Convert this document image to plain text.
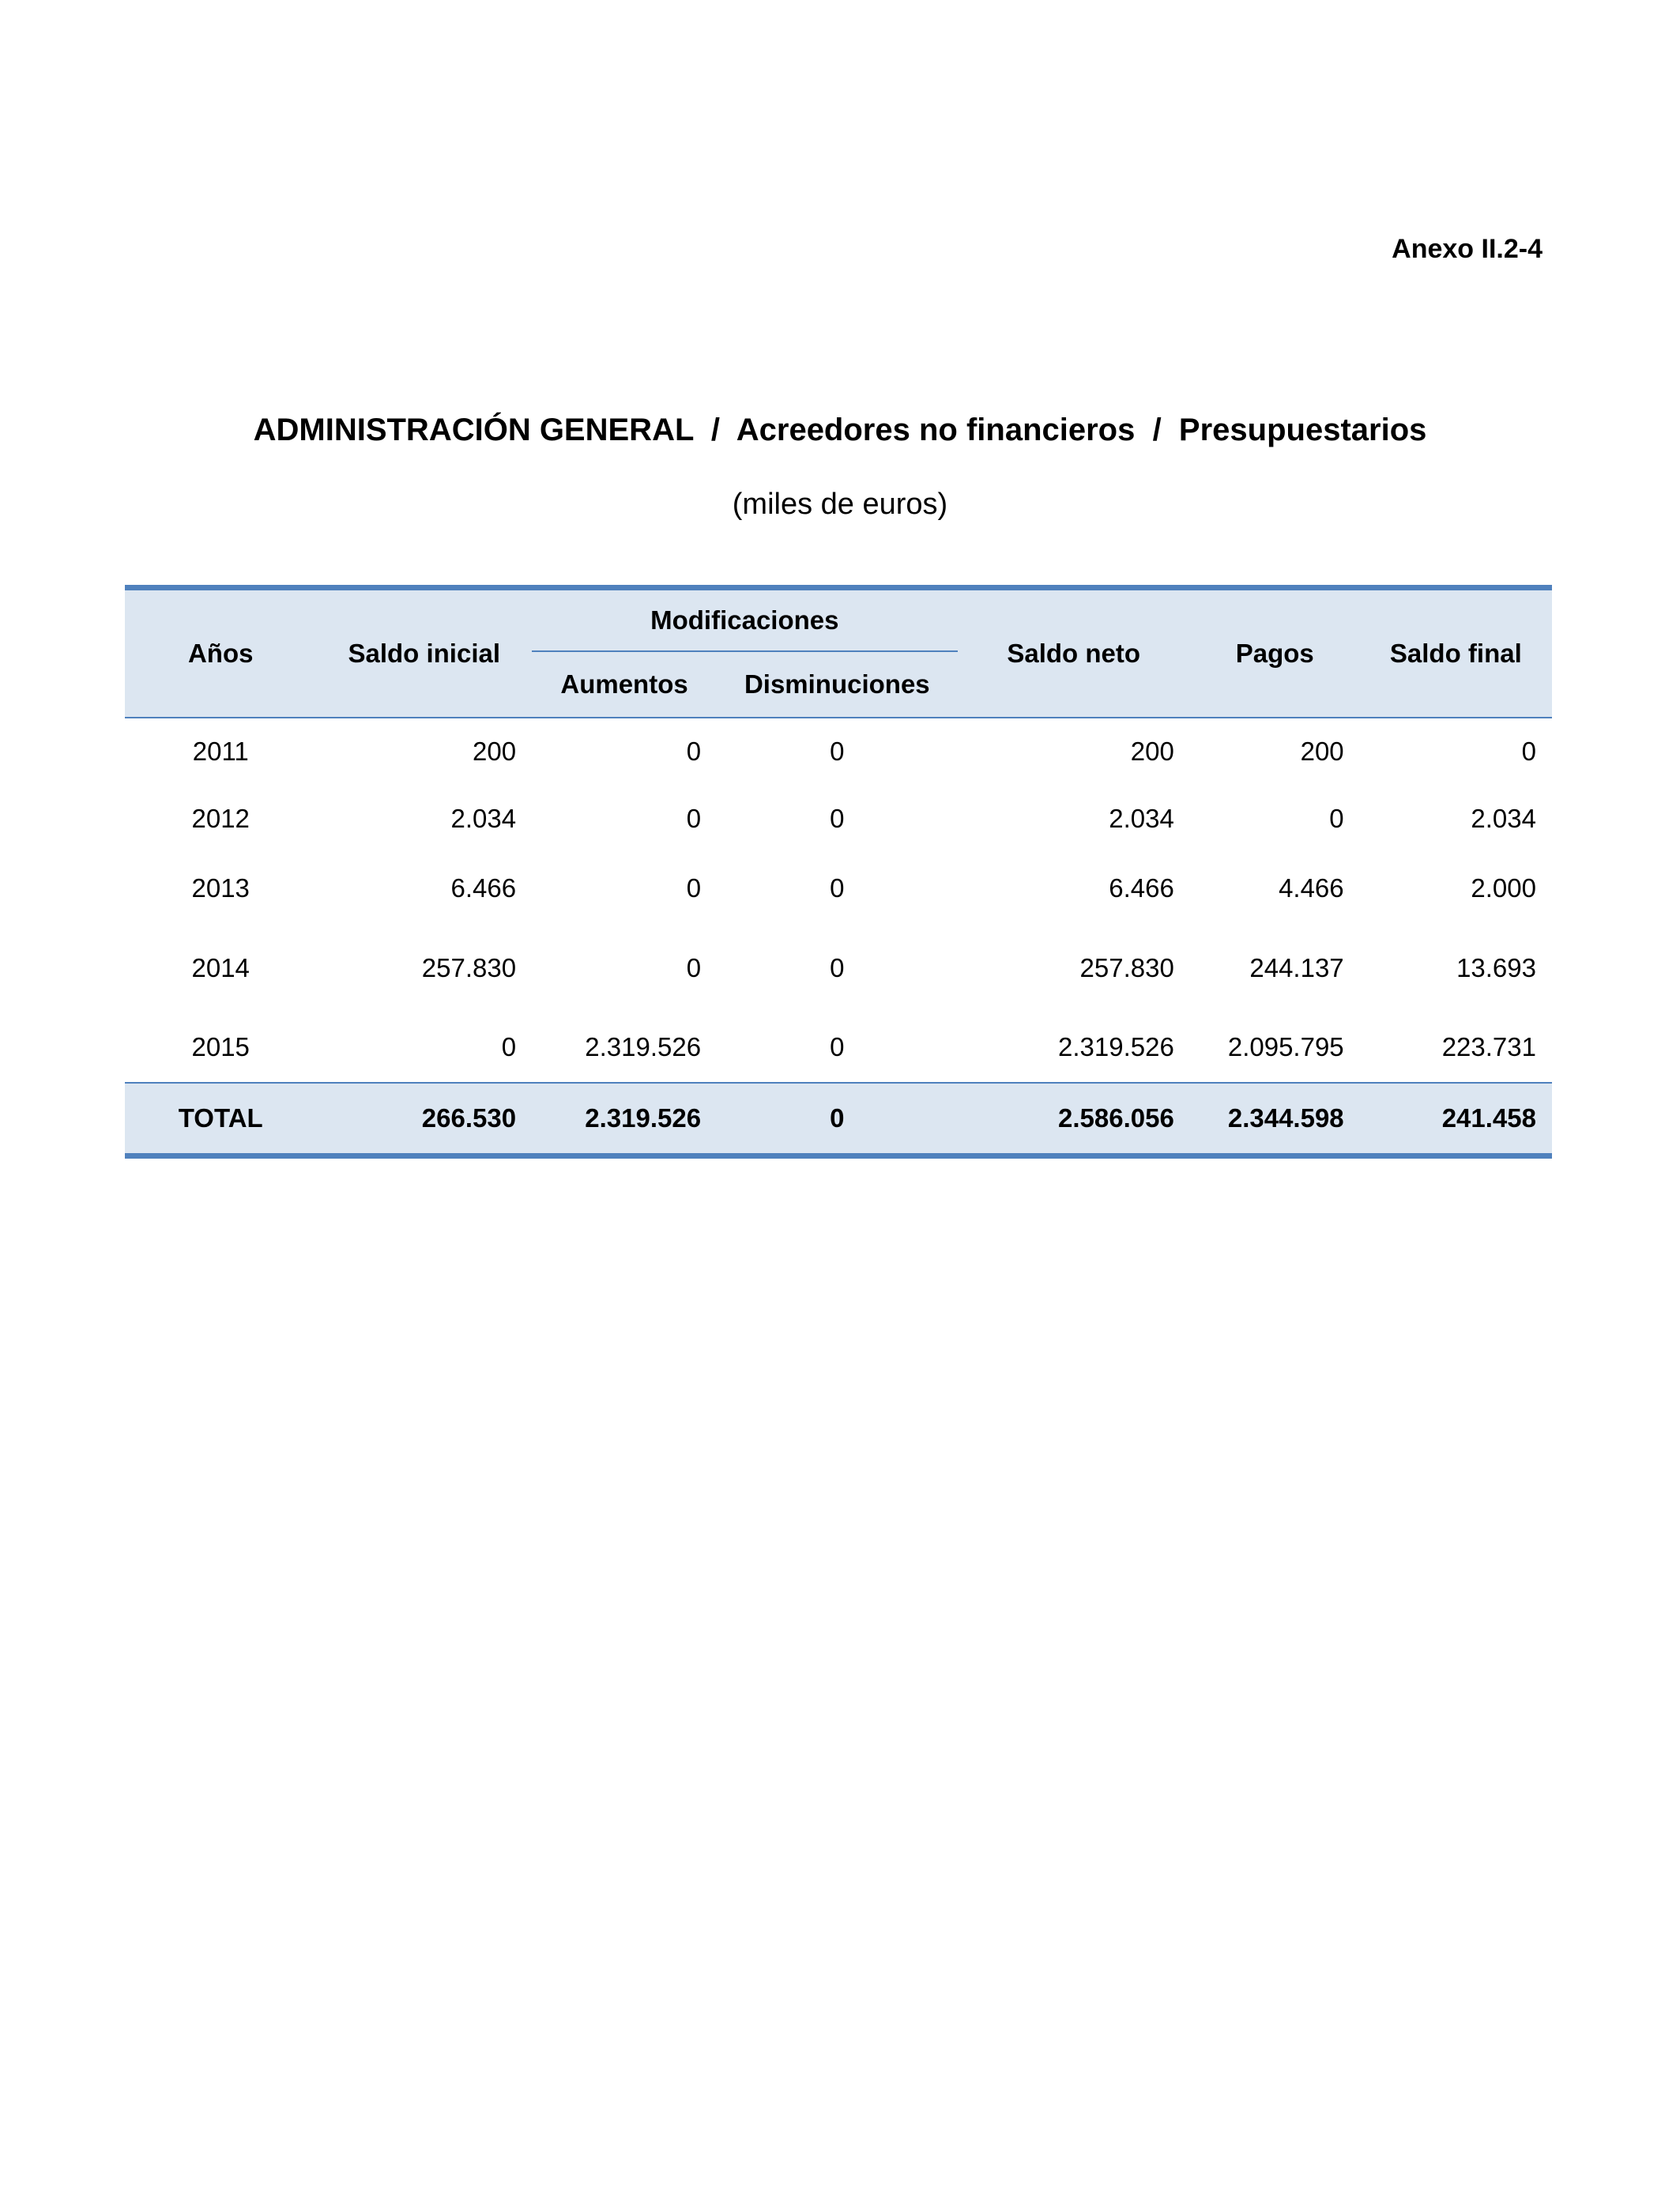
Anexo II.2-4
ADMINISTRACIÓN GENERAL  /  Acreedores no financieros  /  Presupuestarios
(miles de euros)
Años	Saldo inicial	Modificaciones		Saldo neto	Pagos	Saldo final
		Aumentos	Disminuciones			
2011	200	0	0	200	200	0
2012	2.034	0	0	2.034	0	2.034
2013	6.466	0	0	6.466	4.466	2.000
2014	257.830	0	0	257.830	244.137	13.693
2015	0	2.319.526	0	2.319.526	2.095.795	223.731
TOTAL	266.530	2.319.526	0	2.586.056	2.344.598	241.458
